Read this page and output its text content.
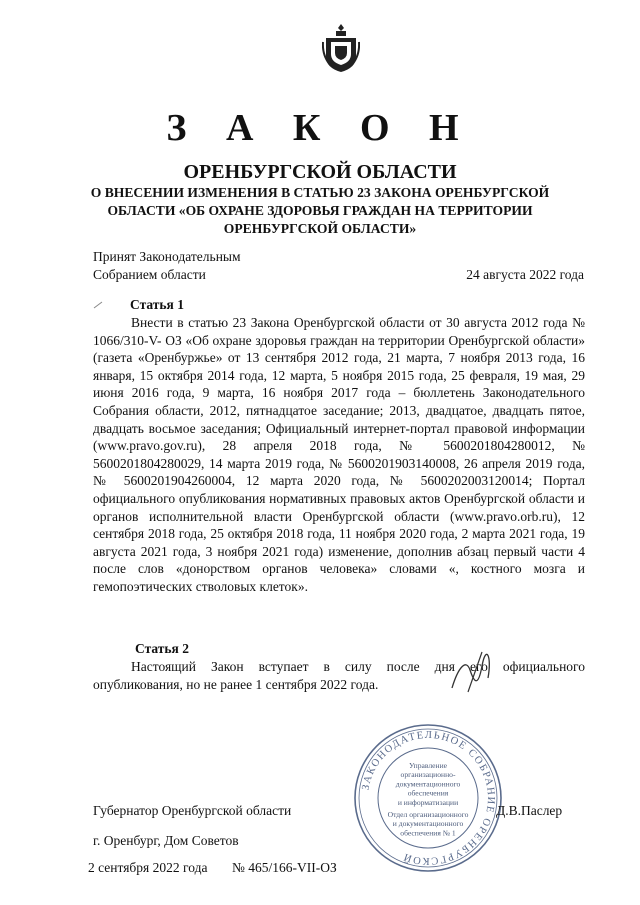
З А К О Н
ОРЕНБУРГСКОЙ ОБЛАСТИ
О ВНЕСЕНИИ ИЗМЕНЕНИЯ В СТАТЬЮ 23 ЗАКОНА ОРЕНБУРГСКОЙ ОБЛАСТИ «ОБ ОХРАНЕ ЗДОРОВЬЯ ГРАЖДАН НА ТЕРРИТОРИИ ОРЕНБУРГСКОЙ ОБЛАСТИ»
Принят Законодательным
Собранием области	24 августа 2022 года
Статья 1
Внести в статью 23 Закона Оренбургской области от 30 августа 2012 года № 1066/310-V- ОЗ «Об охране здоровья граждан на территории Оренбургской области» (газета «Оренбуржье» от 13 сентября 2012 года, 21 марта, 7 ноября 2013 года, 16 января, 15 октября 2014 года, 12 марта, 5 ноября 2015 года, 25 февраля, 19 мая, 29 июня 2016 года, 9 марта, 16 ноября 2017 года – бюллетень Законодательного Собрания области, 2012, пятнадцатое заседание; 2013, двадцатое, двадцать пятое, двадцать восьмое заседания; Официальный интернет-портал правовой информации (www.pravo.gov.ru), 28 апреля 2018 года, № 5600201804280012, № 5600201804280029, 14 марта 2019 года, № 5600201903140008, 26 апреля 2019 года, № 5600201904260004, 12 марта 2020 года, № 5600202003120014; Портал официального опубликования нормативных правовых актов Оренбургской области и органов исполнительной власти Оренбургской области (www.pravo.orb.ru), 12 сентября 2018 года, 25 октября 2018 года, 11 ноября 2020 года, 2 марта 2021 года, 19 августа 2021 года, 3 ноября 2021 года) изменение, дополнив абзац первый части 4 после слов «донорством органов человека» словами «, костного мозга и гемопоэтических стволовых клеток».
Статья 2
Настоящий Закон вступает в силу после дня его официального опубликования, но не ранее 1 сентября 2022 года.
ЗАКОНОДАТЕЛЬНОЕ СОБРАНИЕ ОРЕНБУРГСКОЙ
Управление
организационно-
документационного
обеспечения
и информатизации
Отдел организационного
и документационного
обеспечения № 1
Губернатор Оренбургской области	Д.В.Паслер
г. Оренбург, Дом Советов
2 сентября 2022 года № 465/166-VII-ОЗ
